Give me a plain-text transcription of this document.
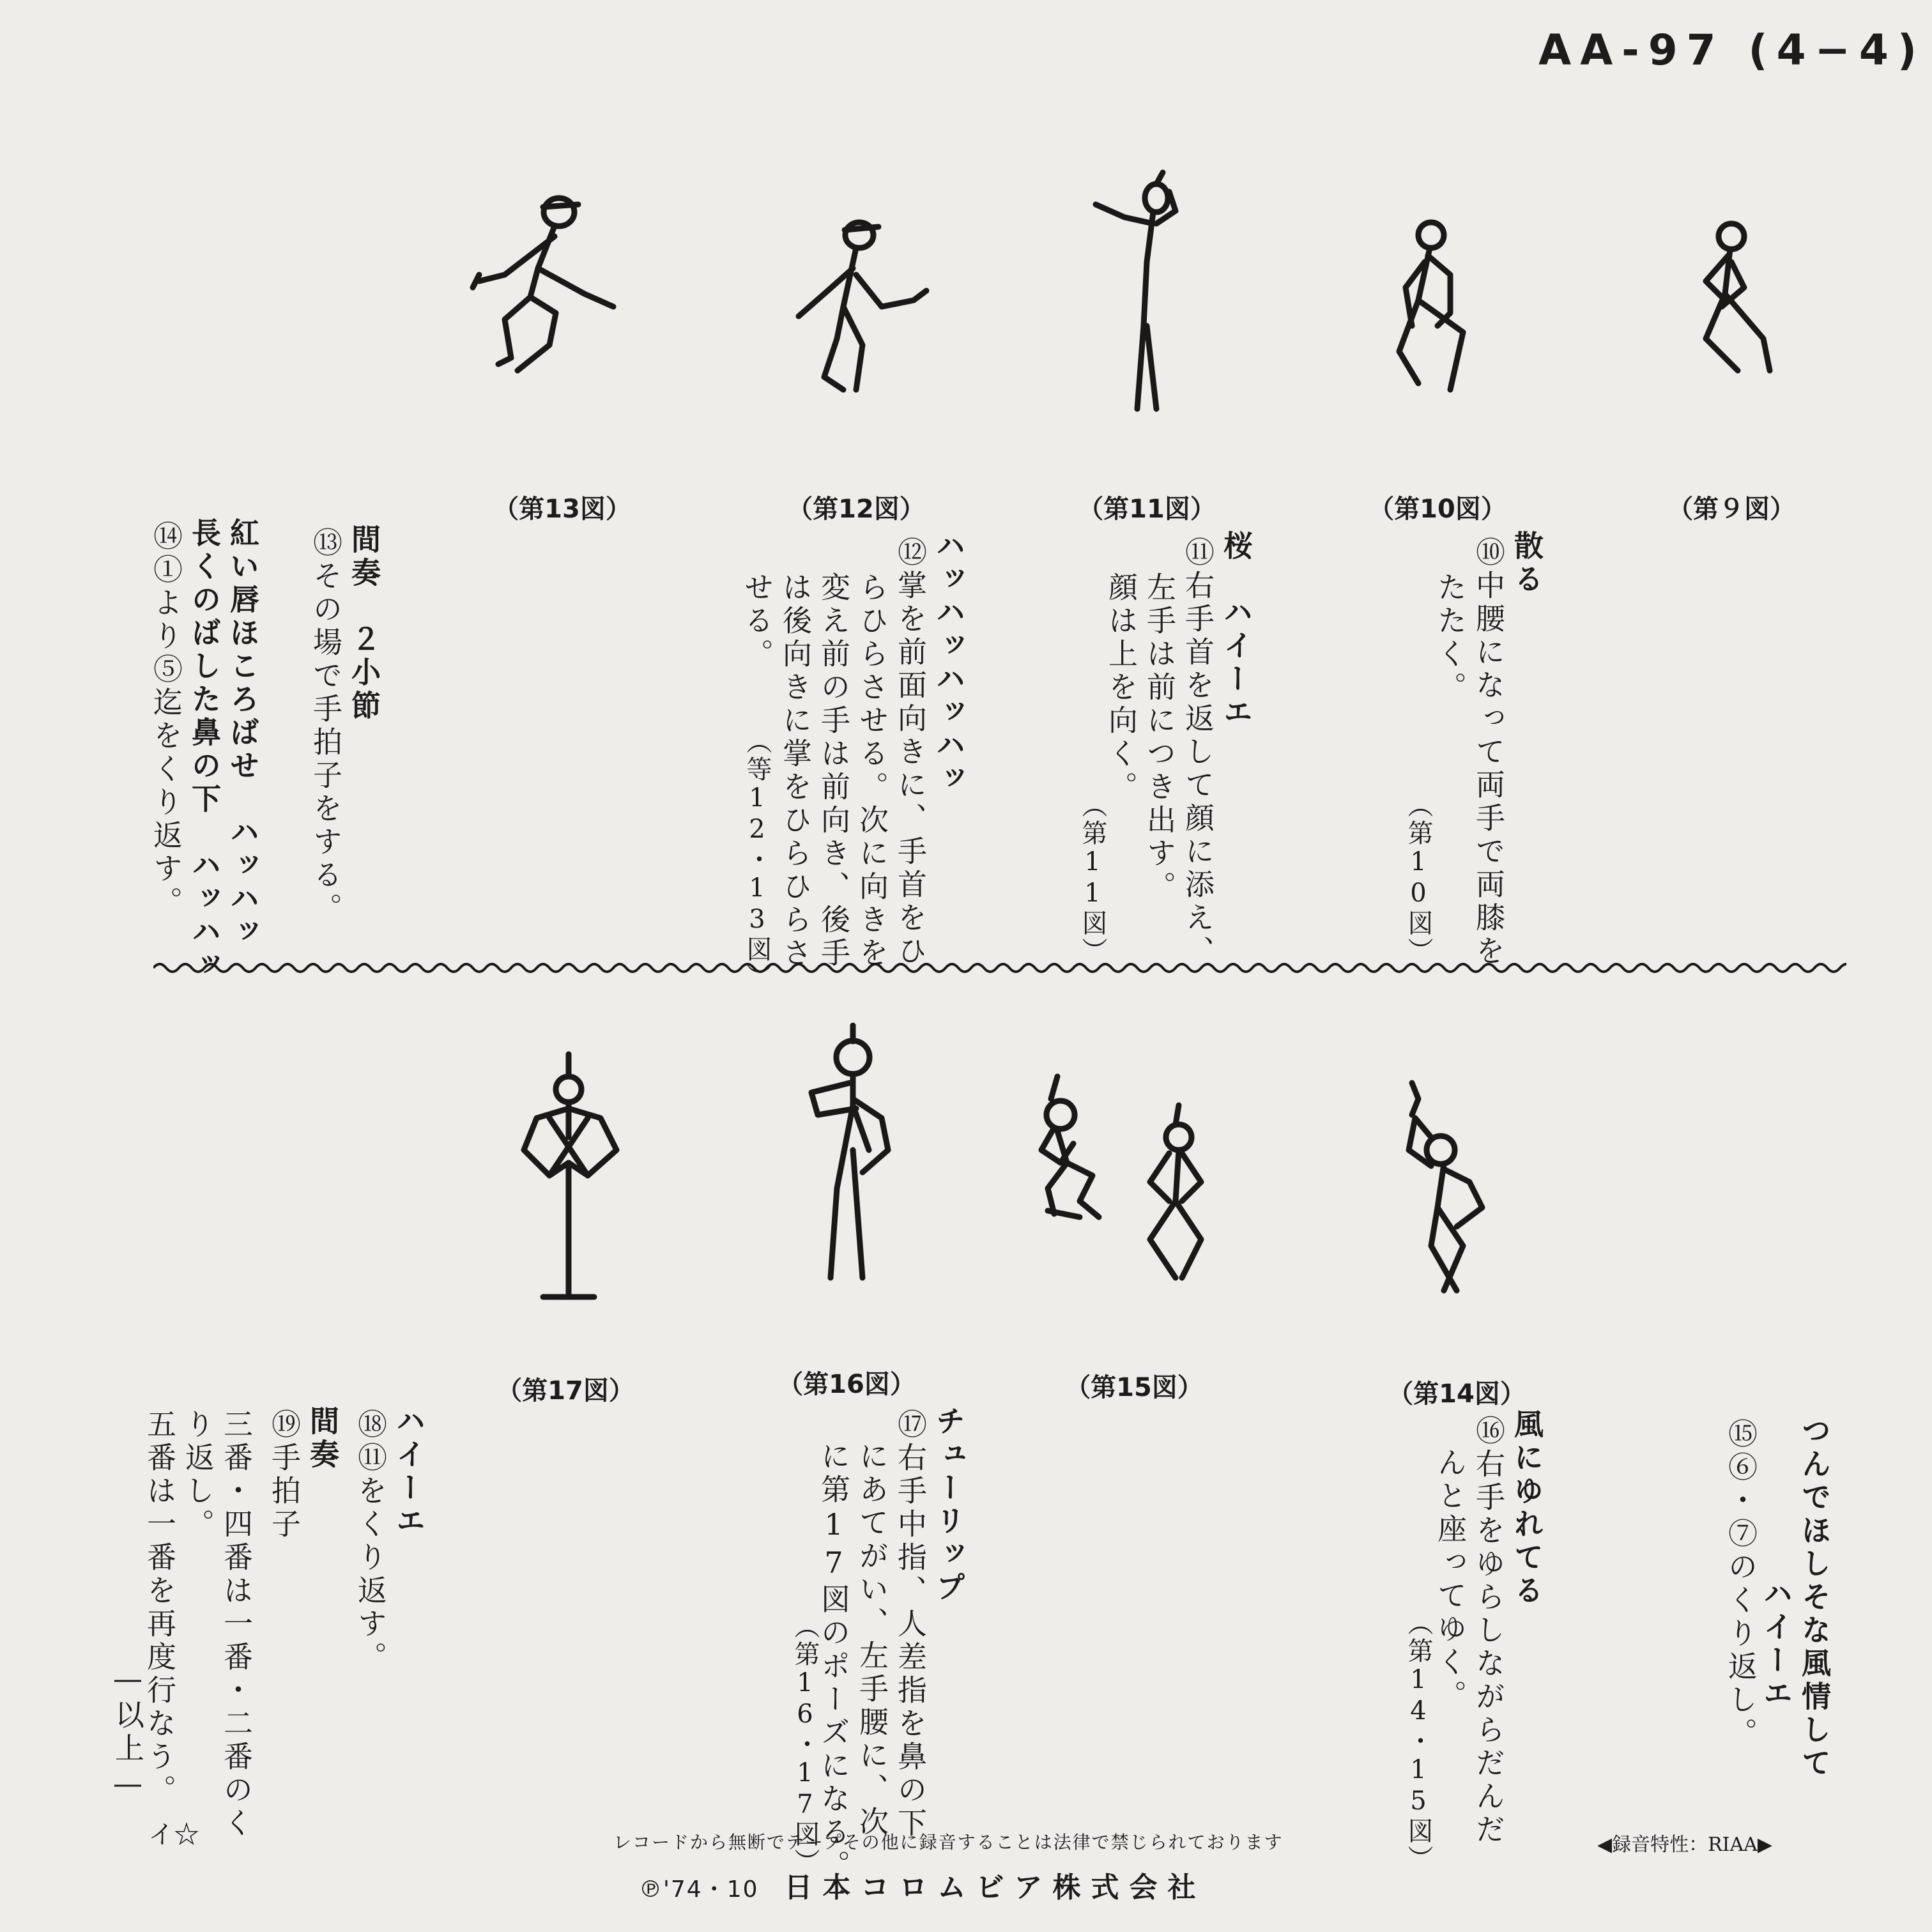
AA-97 (4−4)
（第13図）	（第12図）	（第11図）	（第10図）	（第９図）
散る
⑩中腰になって両手で両膝を
たたく。
（第10図）
桜　ハイーエ
⑪右手首を返して顔に添え、
左手は前につき出す。
顔は上を向く。
（第11図）
ハッハッハッハッ
⑫掌を前面向きに、手首をひ
らひらさせる。次に向きを
変え前の手は前向き、後手
は後向きに掌をひらひらさ
せる。
（等12・13図）
間奏　２小節
⑬その場で手拍子をする。
紅い唇ほころばせ　ハッハッ
長くのばした鼻の下　ハッハッ
⑭①より⑤迄をくり返す。
（第17図）	（第16図）	（第15図）	（第14図）
つんでほしそな風情して
ハイーエ
⑮⑥・⑦のくり返し。
風にゆれてる
⑯右手をゆらしながらだんだ
んと座ってゆく。
（第14・15図）
チューリップ
⑰右手中指、人差指を鼻の下
にあてがい、左手腰に、次
に第17図のポーズになる。
（第16・17図）
ハイーエ
⑱⑪をくり返す。
間奏
⑲手拍子
三番・四番は一番・二番のく
り返し。
五番は一番を再度行なう。
—以上—
イ☆	レコードから無断でテープその他に録音することは法律で禁じられております	◀録音特性：RIAA▶
℗'74・10 日本コロムビア株式会社
